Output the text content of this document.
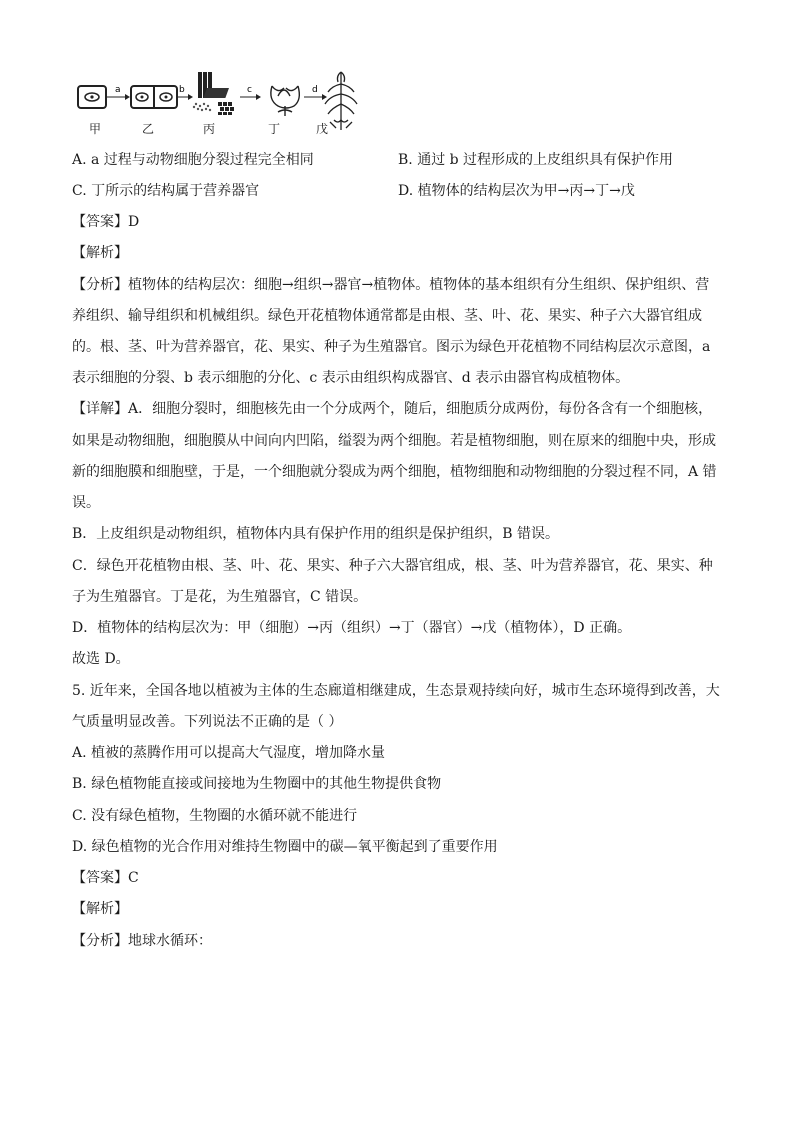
a	b	c	d
甲	乙	丙	丁	戊
A. a 过程与动物细胞分裂过程完全相同	B. 通过 b 过程形成的上皮组织具有保护作用
C. 丁所示的结构属于营养器官	D. 植物体的结构层次为甲→丙→丁→戊
【答案】D
【解析】
【分析】植物体的结构层次：细胞→组织→器官→植物体。植物体的基本组织有分生组织、保护组织、营
养组织、输导组织和机械组织。绿色开花植物体通常都是由根、茎、叶、花、果实、种子六大器官组成
的。根、茎、叶为营养器官，花、果实、种子为生殖器官。图示为绿色开花植物不同结构层次示意图，a
表示细胞的分裂、b 表示细胞的分化、c 表示由组织构成器官、d 表示由器官构成植物体。
【详解】A．细胞分裂时，细胞核先由一个分成两个，随后，细胞质分成两份，每份各含有一个细胞核，
如果是动物细胞，细胞膜从中间向内凹陷，缢裂为两个细胞。若是植物细胞，则在原来的细胞中央，形成
新的细胞膜和细胞壁，于是，一个细胞就分裂成为两个细胞，植物细胞和动物细胞的分裂过程不同，A 错
误。
B．上皮组织是动物组织，植物体内具有保护作用的组织是保护组织，B 错误。
C．绿色开花植物由根、茎、叶、花、果实、种子六大器官组成，根、茎、叶为营养器官，花、果实、种
子为生殖器官。丁是花，为生殖器官，C 错误。
D．植物体的结构层次为：甲（细胞）→丙（组织）→丁（器官）→戊（植物体），D 正确。
故选 D。
5. 近年来，全国各地以植被为主体的生态廊道相继建成，生态景观持续向好，城市生态环境得到改善，大
气质量明显改善。下列说法不正确的是（ ）
A. 植被的蒸腾作用可以提高大气湿度，增加降水量
B. 绿色植物能直接或间接地为生物圈中的其他生物提供食物
C. 没有绿色植物，生物圈的水循环就不能进行
D. 绿色植物的光合作用对维持生物圈中的碳—氧平衡起到了重要作用
【答案】C
【解析】
【分析】地球水循环：
